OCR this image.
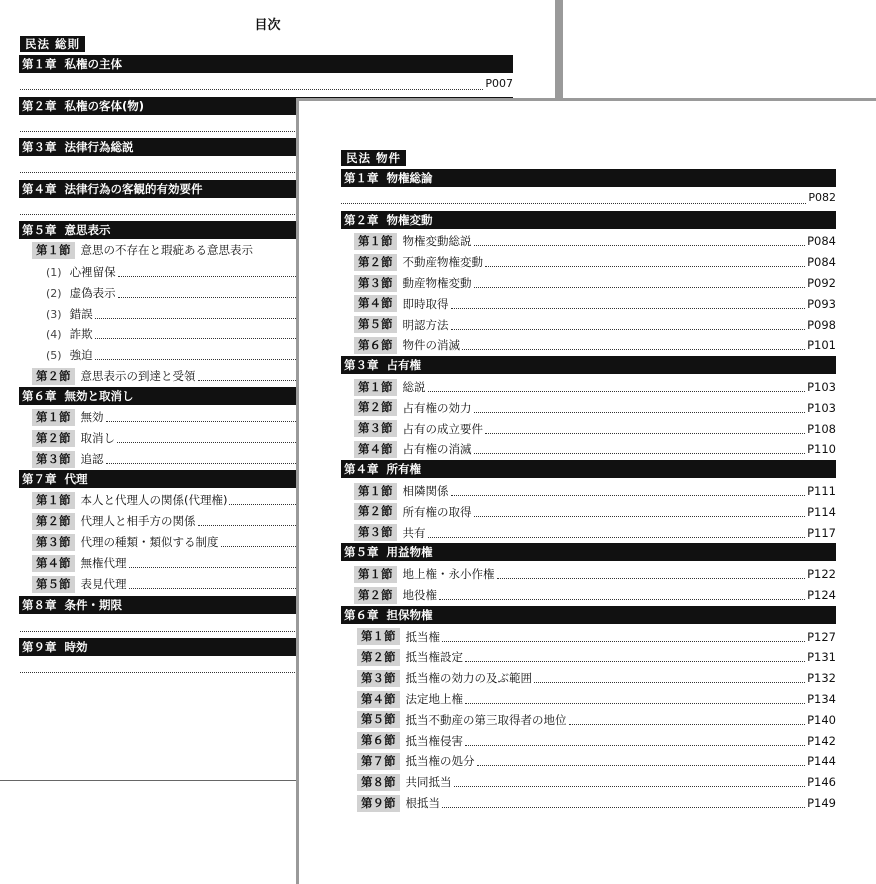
目次
民法 総則
第１章 私権の主体
P007
第２章 私権の客体(物)
第３章 法律行為総説
第４章 法律行為の客観的有効要件
第５章 意思表示
第１節 意思の不存在と瑕疵ある意思表示
(1) 心裡留保
(2) 虚偽表示
(3) 錯誤
(4) 詐欺
(5) 強迫
第２節 意思表示の到達と受領
第６章 無効と取消し
第１節 無効
第２節 取消し
第３節 追認
第７章 代理
第１節 本人と代理人の関係(代理権)
第２節 代理人と相手方の関係
第３節 代理の種類・類似する制度
第４節 無権代理
第５節 表見代理
第８章 条件・期限
第９章 時効
民法 物件
第１章 物権総論
P082
第２章 物権変動
第１節 物権変動総説	P084
第２節 不動産物権変動	P084
第３節 動産物権変動	P092
第４節 即時取得	P093
第５節 明認方法	P098
第６節 物件の消滅	P101
第３章 占有権
第１節 総説	P103
第２節 占有権の効力	P103
第３節 占有の成立要件	P108
第４節 占有権の消滅	P110
第４章 所有権
第１節 相隣関係	P111
第２節 所有権の取得	P114
第３節 共有	P117
第５章 用益物権
第１節 地上権・永小作権	P122
第２節 地役権	P124
第６章 担保物権
第１節 抵当権	P127
第２節 抵当権設定	P131
第３節 抵当権の効力の及ぶ範囲	P132
第４節 法定地上権	P134
第５節 抵当不動産の第三取得者の地位	P140
第６節 抵当権侵害	P142
第７節 抵当権の処分	P144
第８節 共同抵当	P146
第９節 根抵当	P149
